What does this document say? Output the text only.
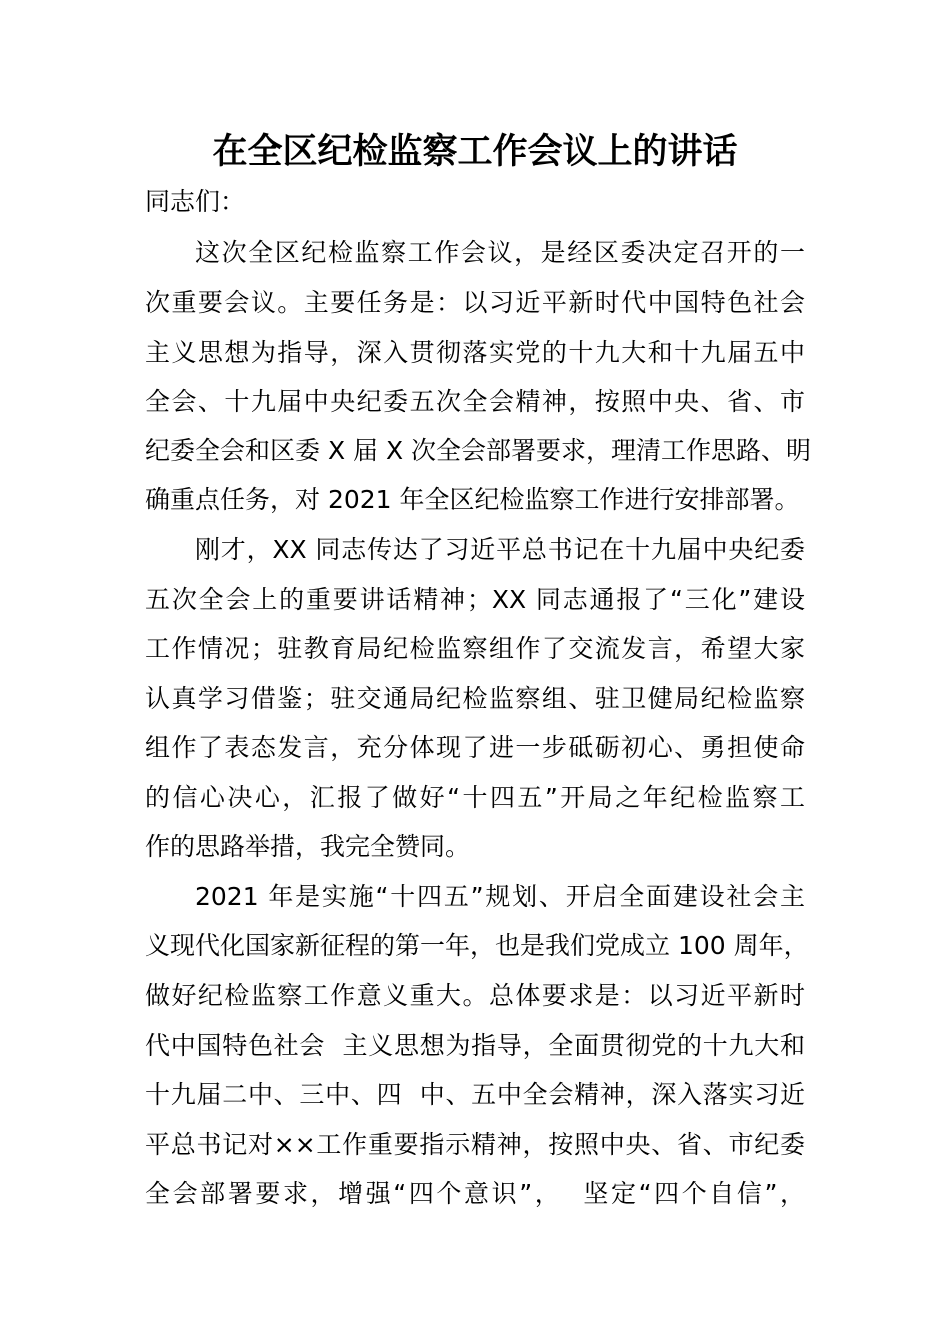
在全区纪检监察工作会议上的讲话

同志们：

这次全区纪检监察工作会议，是经区委决定召开的一

次重要会议。主要任务是：以习近平新时代中国特色社会

主义思想为指导，深入贯彻落实党的十九大和十九届五中

全会、十九届中央纪委五次全会精神，按照中央、省、市

纪委全会和区委 X 届 X 次全会部署要求，理清工作思路、明

确重点任务，对 2021 年全区纪检监察工作进行安排部署。

刚才，XX 同志传达了习近平总书记在十九届中央纪委

五次全会上的重要讲话精神；XX 同志通报了“三化”建设

工作情况；驻教育局纪检监察组作了交流发言，希望大家

认真学习借鉴；驻交通局纪检监察组、驻卫健局纪检监察

组作了表态发言，充分体现了进一步砥砺初心、勇担使命

的信心决心，汇报了做好“十四五”开局之年纪检监察工

作的思路举措，我完全赞同。

2021 年是实施“十四五”规划、开启全面建设社会主

义现代化国家新征程的第一年，也是我们党成立 100 周年，

做好纪检监察工作意义重大。总体要求是：以习近平新时

代中国特色社会  主义思想为指导，全面贯彻党的十九大和

十九届二中、三中、四  中、五中全会精神，深入落实习近

平总书记对××工作重要指示精神，按照中央、省、市纪委

全会部署要求，增强“四个意识”，  坚定“四个自信”，
